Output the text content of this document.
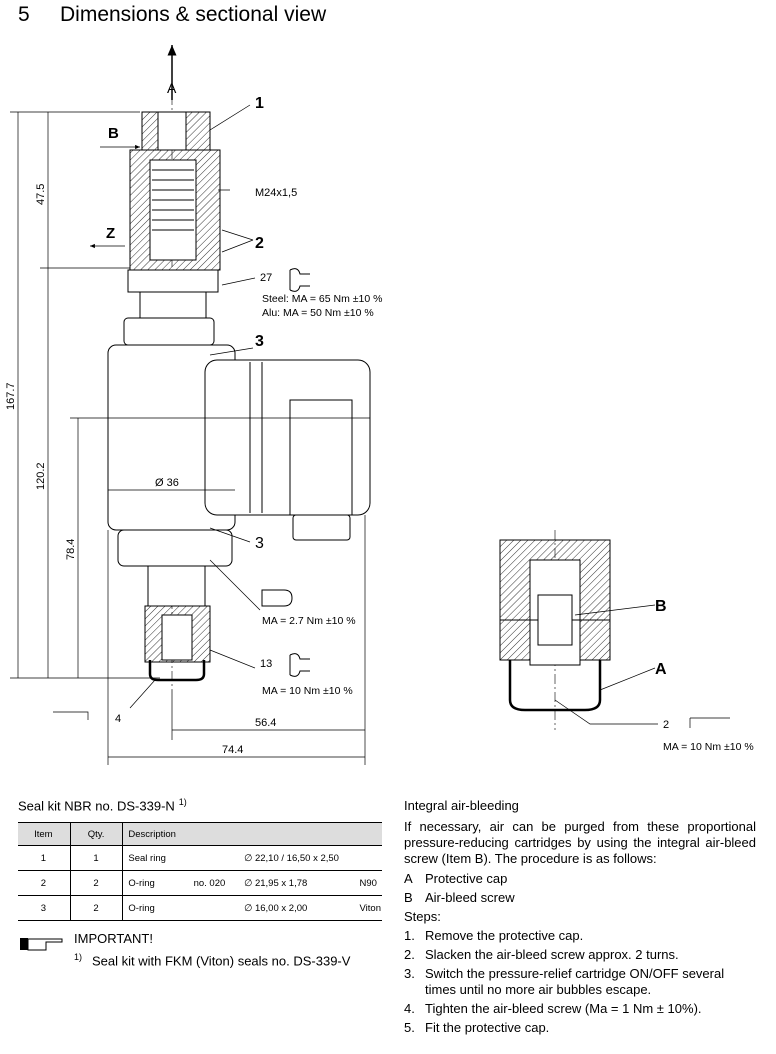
5 Dimensions & sectional view
A
B
Z
1
2
3
3
4
M24x1,5
27
Steel: MA = 65 Nm ±10 %
Alu: MA = 50 Nm ±10 %
MA = 2.7 Nm ±10 %
13
MA = 10 Nm ±10 %
167.7
120.2
47.5
78.4
Ø 36
56.4
74.4
B
A
2
MA = 10 Nm ±10 %
Seal kit NBR no. DS-339-N $^{1)}$
Item	Qty.	Description			
1	1	Seal ring		∅ 22,10 / 16,50 x 2,50	
2	2	O-ring	no. 020	∅ 21,95 x 1,78	N90
3	2	O-ring		∅ 16,00 x 2,00	Viton
IMPORTANT!
$^{1)}$ Seal kit with FKM (Viton) seals no. DS-339-V
Integral air-bleeding
If necessary, air can be purged from these proportional pressure-reducing cartridges by using the integral air-bleed screw (Item B). The procedure is as follows:
A Protective cap
B Air-bleed screw
Steps:
1. Remove the protective cap.
2. Slacken the air-bleed screw approx. 2 turns.
3. Switch the pressure-relief cartridge ON/OFF several times until no more air bubbles escape.
4. Tighten the air-bleed screw (Ma = 1 Nm ± 10%).
5. Fit the protective cap.
